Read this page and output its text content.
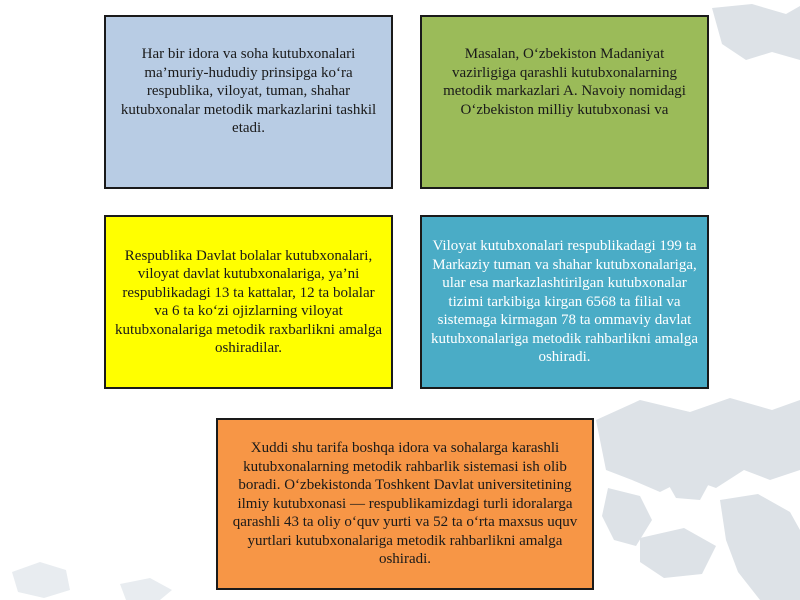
Har bir idora va soha kutubxonalari ma’muriy-hududiy prinsipga ko‘ra respublika, viloyat, tuman, shahar kutubxonalar metodik markazlarini tashkil etadi.

Masalan, O‘zbekiston Madaniyat vazirligiga qarashli kutubxonalarning metodik markazlari A. Navoiy nomidagi O‘zbekiston milliy kutubxonasi va

Respublika Davlat bolalar kutubxonalari, viloyat davlat kutubxonalariga, ya’ni respublikadagi 13 ta kattalar, 12 ta bolalar va 6 ta ko‘zi ojizlarning viloyat kutubxonalariga metodik raxbarlikni amalga oshiradilar.

Viloyat kutubxonalari respublikadagi 199 ta Markaziy tuman va shahar kutubxonalariga, ular esa markazlashtirilgan kutubxonalar tizimi tarkibiga kirgan 6568 ta filial va sistemaga kirmagan 78 ta ommaviy davlat kutubxonalariga metodik rahbarlikni amalga oshiradi.

Xuddi shu tarifa boshqa idora va sohalarga karashli kutubxonalarning metodik rahbarlik sistemasi ish olib boradi. O‘zbekistonda Toshkent Davlat universitetining ilmiy kutubxonasi — respublikamizdagi turli idoralarga qarashli 43 ta oliy o‘quv yurti va 52 ta o‘rta maxsus uquv yurtlari kutubxonalariga metodik rahbarlikni amalga oshiradi.
